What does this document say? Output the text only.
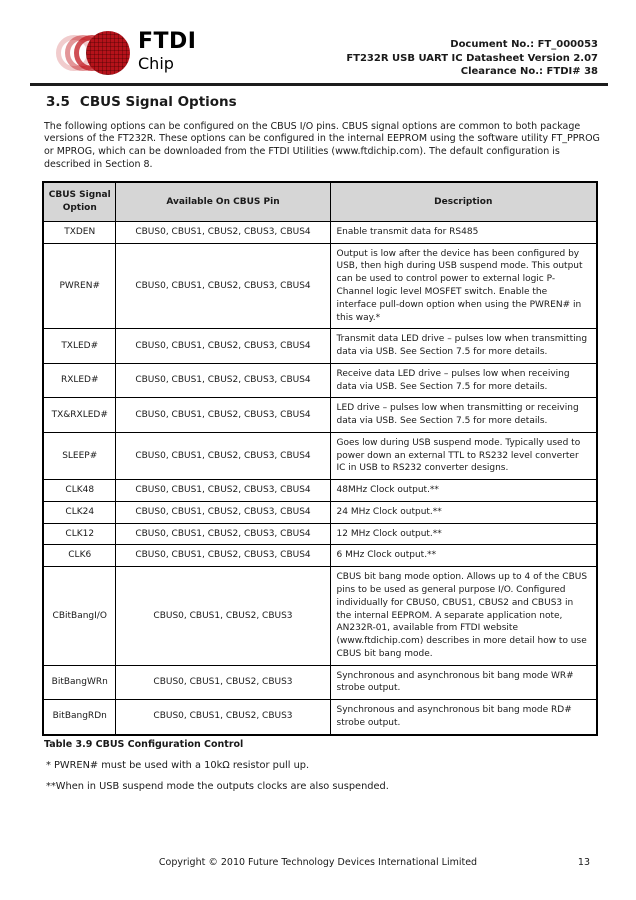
FTDI
Chip
Document No.: FT_000053
FT232R USB UART IC Datasheet Version 2.07
Clearance No.: FTDI# 38
3.5 CBUS Signal Options

The following options can be configured on the CBUS I/O pins. CBUS signal options are common to both package versions of the FT232R. These options can be configured in the internal EEPROM using the software utility FT_PPROG or MPROG, which can be downloaded from the FTDI Utilities (www.ftdichip.com). The default configuration is described in Section 8.

CBUS Signal Option	Available On CBUS Pin	Description
TXDEN	CBUS0, CBUS1, CBUS2, CBUS3, CBUS4	Enable transmit data for RS485
PWREN#	CBUS0, CBUS1, CBUS2, CBUS3, CBUS4	Output is low after the device has been configured by USB, then high during USB suspend mode. This output can be used to control power to external logic P-Channel logic level MOSFET switch. Enable the interface pull-down option when using the PWREN# in this way.*
TXLED#	CBUS0, CBUS1, CBUS2, CBUS3, CBUS4	Transmit data LED drive – pulses low when transmitting data via USB. See Section 7.5 for more details.
RXLED#	CBUS0, CBUS1, CBUS2, CBUS3, CBUS4	Receive data LED drive – pulses low when receiving data via USB. See Section 7.5 for more details.
TX&RXLED#	CBUS0, CBUS1, CBUS2, CBUS3, CBUS4	LED drive – pulses low when transmitting or receiving data via USB. See Section 7.5 for more details.
SLEEP#	CBUS0, CBUS1, CBUS2, CBUS3, CBUS4	Goes low during USB suspend mode. Typically used to power down an external TTL to RS232 level converter IC in USB to RS232 converter designs.
CLK48	CBUS0, CBUS1, CBUS2, CBUS3, CBUS4	48MHz Clock output.**
CLK24	CBUS0, CBUS1, CBUS2, CBUS3, CBUS4	24 MHz Clock output.**
CLK12	CBUS0, CBUS1, CBUS2, CBUS3, CBUS4	12 MHz Clock output.**
CLK6	CBUS0, CBUS1, CBUS2, CBUS3, CBUS4	6 MHz Clock output.**
CBitBangI/O	CBUS0, CBUS1, CBUS2, CBUS3	CBUS bit bang mode option. Allows up to 4 of the CBUS pins to be used as general purpose I/O. Configured individually for CBUS0, CBUS1, CBUS2 and CBUS3 in the internal EEPROM. A separate application note, AN232R-01, available from FTDI website (www.ftdichip.com) describes in more detail how to use CBUS bit bang mode.
BitBangWRn	CBUS0, CBUS1, CBUS2, CBUS3	Synchronous and asynchronous bit bang mode WR# strobe output.
BitBangRDn	CBUS0, CBUS1, CBUS2, CBUS3	Synchronous and asynchronous bit bang mode RD# strobe output.
Table 3.9 CBUS Configuration Control
* PWREN# must be used with a 10kΩ resistor pull up.
**When in USB suspend mode the outputs clocks are also suspended.
Copyright © 2010 Future Technology Devices International Limited	13
